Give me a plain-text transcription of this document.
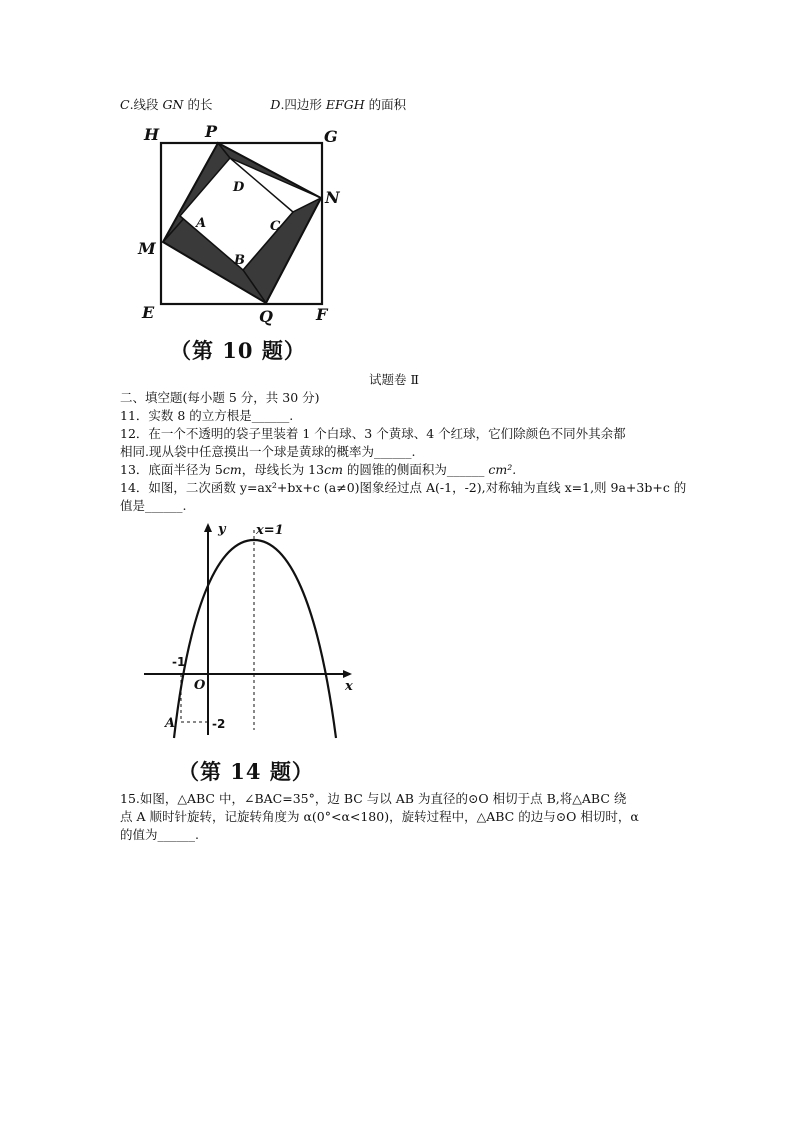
C.线段 GN 的长	D.四边形 EFGH 的面积
H	P	G
D
N
A	C
M
B
E	Q	F
（第 10 题）
试题卷 Ⅱ
二、填空题(每小题 5 分，共 30 分)
11．实数 8 的立方根是______.
12．在一个不透明的袋子里装着 1 个白球、3 个黄球、4 个红球，它们除颜色不同外其余都
相同.现从袋中任意摸出一个球是黄球的概率为______.
13．底面半径为 5cm，母线长为 13cm 的圆锥的侧面积为______ cm².
14．如图，二次函数 y=ax²+bx+c (a≠0)图象经过点 A(-1，-2),对称轴为直线 x=1,则 9a+3b+c 的
值是______.
y x=1
x
O
-1
-2
A
（第 14 题）
15.如图，△ABC 中，∠BAC=35°，边 BC 与以 AB 为直径的⊙O 相切于点 B,将△ABC 绕
点 A 顺时针旋转，记旋转角度为 α(0°<α<180)，旋转过程中，△ABC 的边与⊙O 相切时，α
的值为______.
